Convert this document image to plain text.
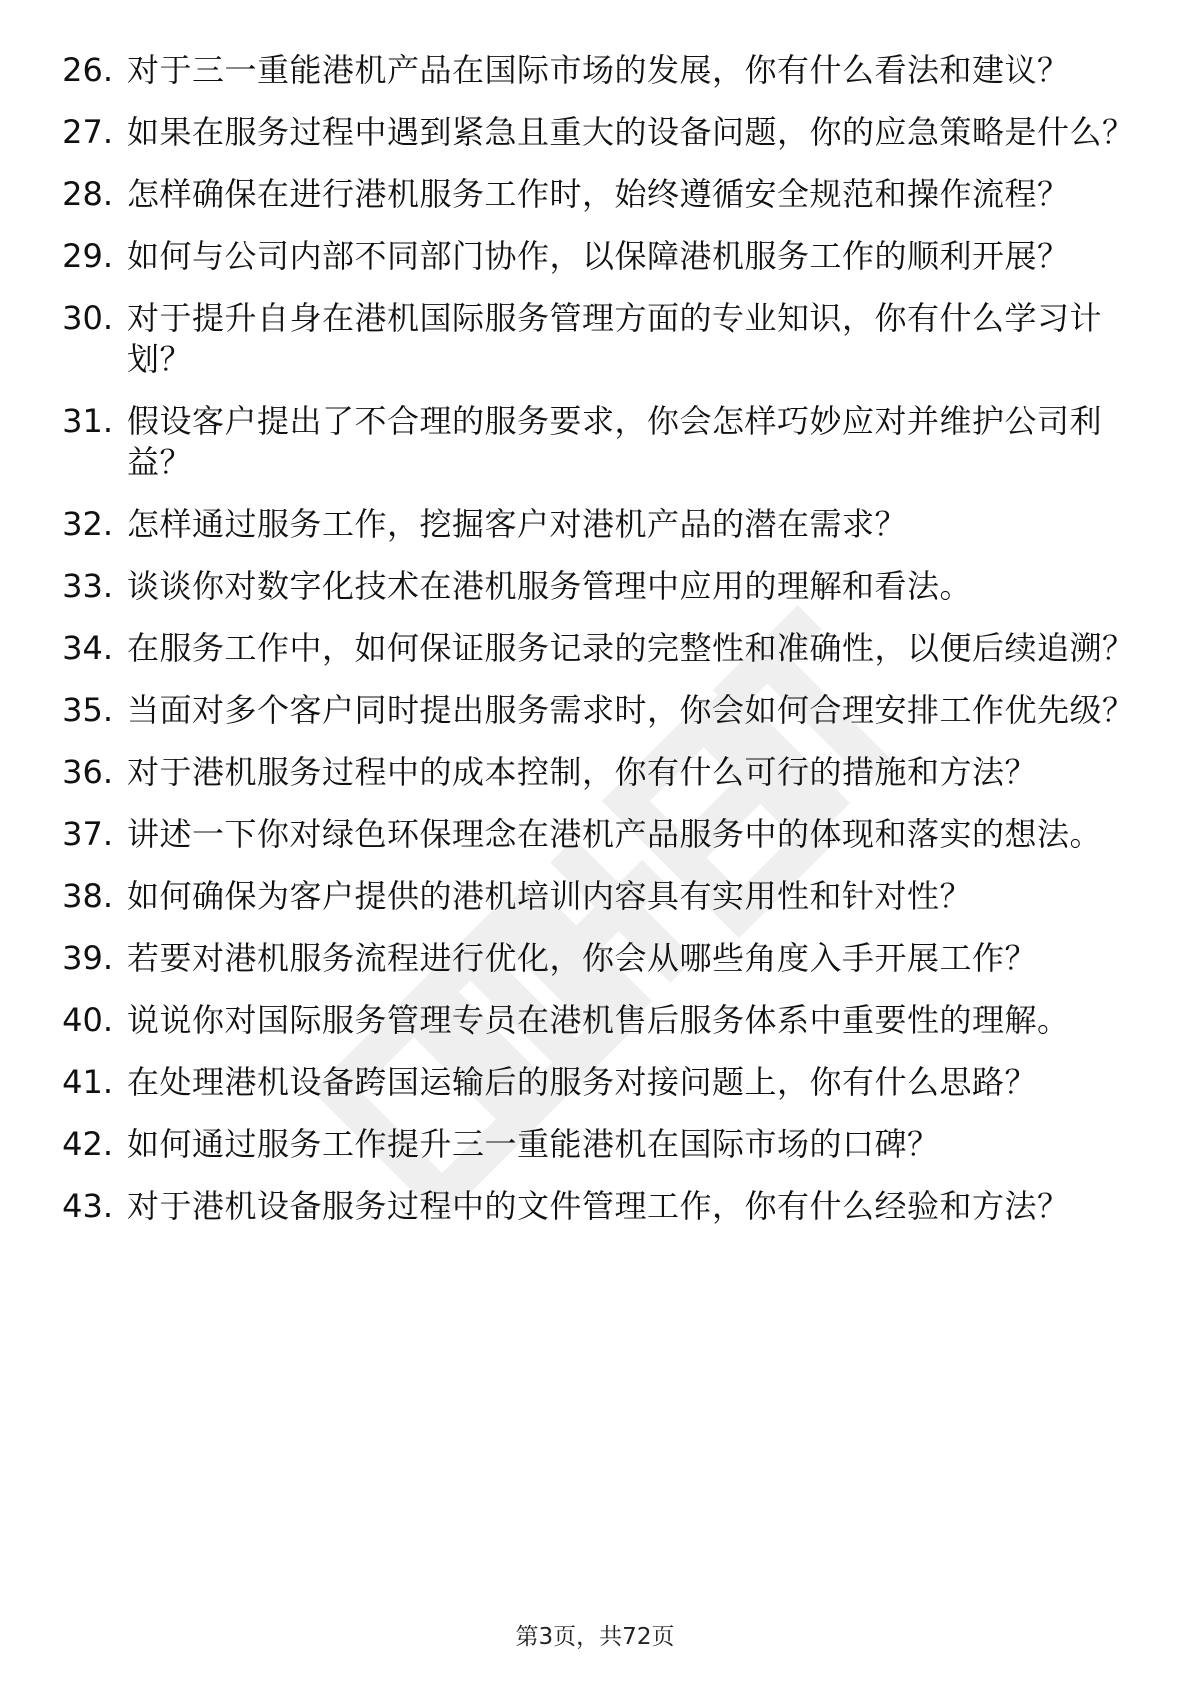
26. 对于三一重能港机产品在国际市场的发展，你有什么看法和建议？
27. 如果在服务过程中遇到紧急且重大的设备问题，你的应急策略是什么？
28. 怎样确保在进行港机服务工作时，始终遵循安全规范和操作流程？
29. 如何与公司内部不同部门协作，以保障港机服务工作的顺利开展？
30. 对于提升自身在港机国际服务管理方面的专业知识，你有什么学习计划？
31. 假设客户提出了不合理的服务要求，你会怎样巧妙应对并维护公司利益？
32. 怎样通过服务工作，挖掘客户对港机产品的潜在需求？
33. 谈谈你对数字化技术在港机服务管理中应用的理解和看法。
34. 在服务工作中，如何保证服务记录的完整性和准确性，以便后续追溯？
35. 当面对多个客户同时提出服务需求时，你会如何合理安排工作优先级？
36. 对于港机服务过程中的成本控制，你有什么可行的措施和方法？
37. 讲述一下你对绿色环保理念在港机产品服务中的体现和落实的想法。
38. 如何确保为客户提供的港机培训内容具有实用性和针对性？
39. 若要对港机服务流程进行优化，你会从哪些角度入手开展工作？
40. 说说你对国际服务管理专员在港机售后服务体系中重要性的理解。
41. 在处理港机设备跨国运输后的服务对接问题上，你有什么思路？
42. 如何通过服务工作提升三一重能港机在国际市场的口碑？
43. 对于港机设备服务过程中的文件管理工作，你有什么经验和方法？
第3页，共72页
